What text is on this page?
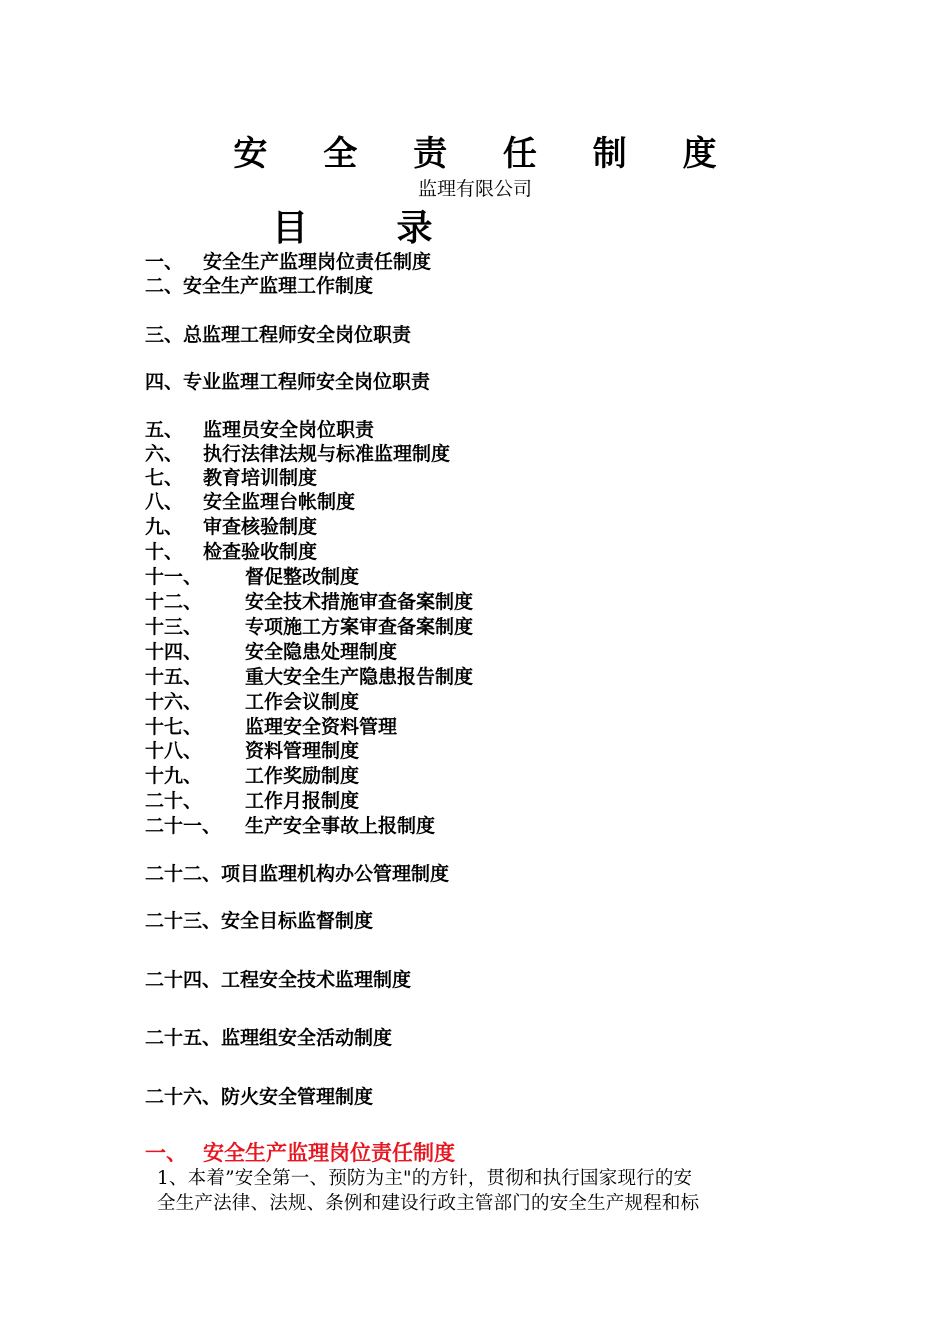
安 全 责 任 制 度
监理有限公司
目 录
一、 安全生产监理岗位责任制度
二、安全生产监理工作制度
三、总监理工程师安全岗位职责
四、专业监理工程师安全岗位职责
五、 监理员安全岗位职责
六、 执行法律法规与标准监理制度
七、 教育培训制度
八、 安全监理台帐制度
九、 审查核验制度
十、 检查验收制度
十一、 督促整改制度
十二、 安全技术措施审查备案制度
十三、 专项施工方案审查备案制度
十四、 安全隐患处理制度
十五、 重大安全生产隐患报告制度
十六、 工作会议制度
十七、 监理安全资料管理
十八、 资料管理制度
十九、 工作奖励制度
二十、 工作月报制度
二十一、 生产安全事故上报制度
二十二、项目监理机构办公管理制度
二十三、安全目标监督制度
二十四、工程安全技术监理制度
二十五、监理组安全活动制度
二十六、防火安全管理制度
一、 安全生产监理岗位责任制度
1、本着”安全第一、预防为主"的方针，贯彻和执行国家现行的安
全生产法律、法规、条例和建设行政主管部门的安全生产规程和标
